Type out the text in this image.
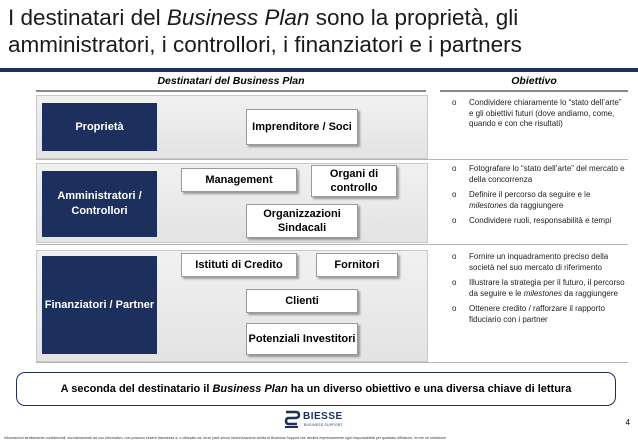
I destinatari del Business Plan sono la proprietà, gli
amministratori, i controllori, i finanziatori e i partners
Destinatari del Business Plan	Obiettivo
Proprietà	Imprenditore / Soci
o Condividere chiaramente lo “stato dell’arte” e gli obiettivi futuri (dove andiamo, come, quando e con che risultati)
Amministratori / Controllori
Management	Organi di controllo
Organizzazioni Sindacali
o Fotografare lo “stato dell’arte” del mercato e della concorrenza
o Definire il percorso da seguire e le milestones da raggiungere
o Condividere ruoli, responsabilità e tempi
Finanziatori / Partner
Istituti di Credito	Fornitori
Clienti
Potenziali Investitori
o Fornire un inquadramento preciso della società nel suo mercato di riferimento
o Illustrare la strategia per il futuro, il percorso da seguire e le milestones da raggiungere
o Ottenere credito / rafforzare il rapporto fiduciario con i partner
A seconda del destinatario il Business Plan ha un diverso obiettivo e una diversa chiave di lettura
4
BIESSE
BUSINESS SUPPORT
Informazioni strettamente confidenziali, esclusivamente ad uso informativo, non possono essere trasmesse a, o utilizzate da, terze parti senza l'autorizzazione scritta di Business Support che declina espressamente ogni responsabilità per qualsiasi diffusione, errore od omissione
